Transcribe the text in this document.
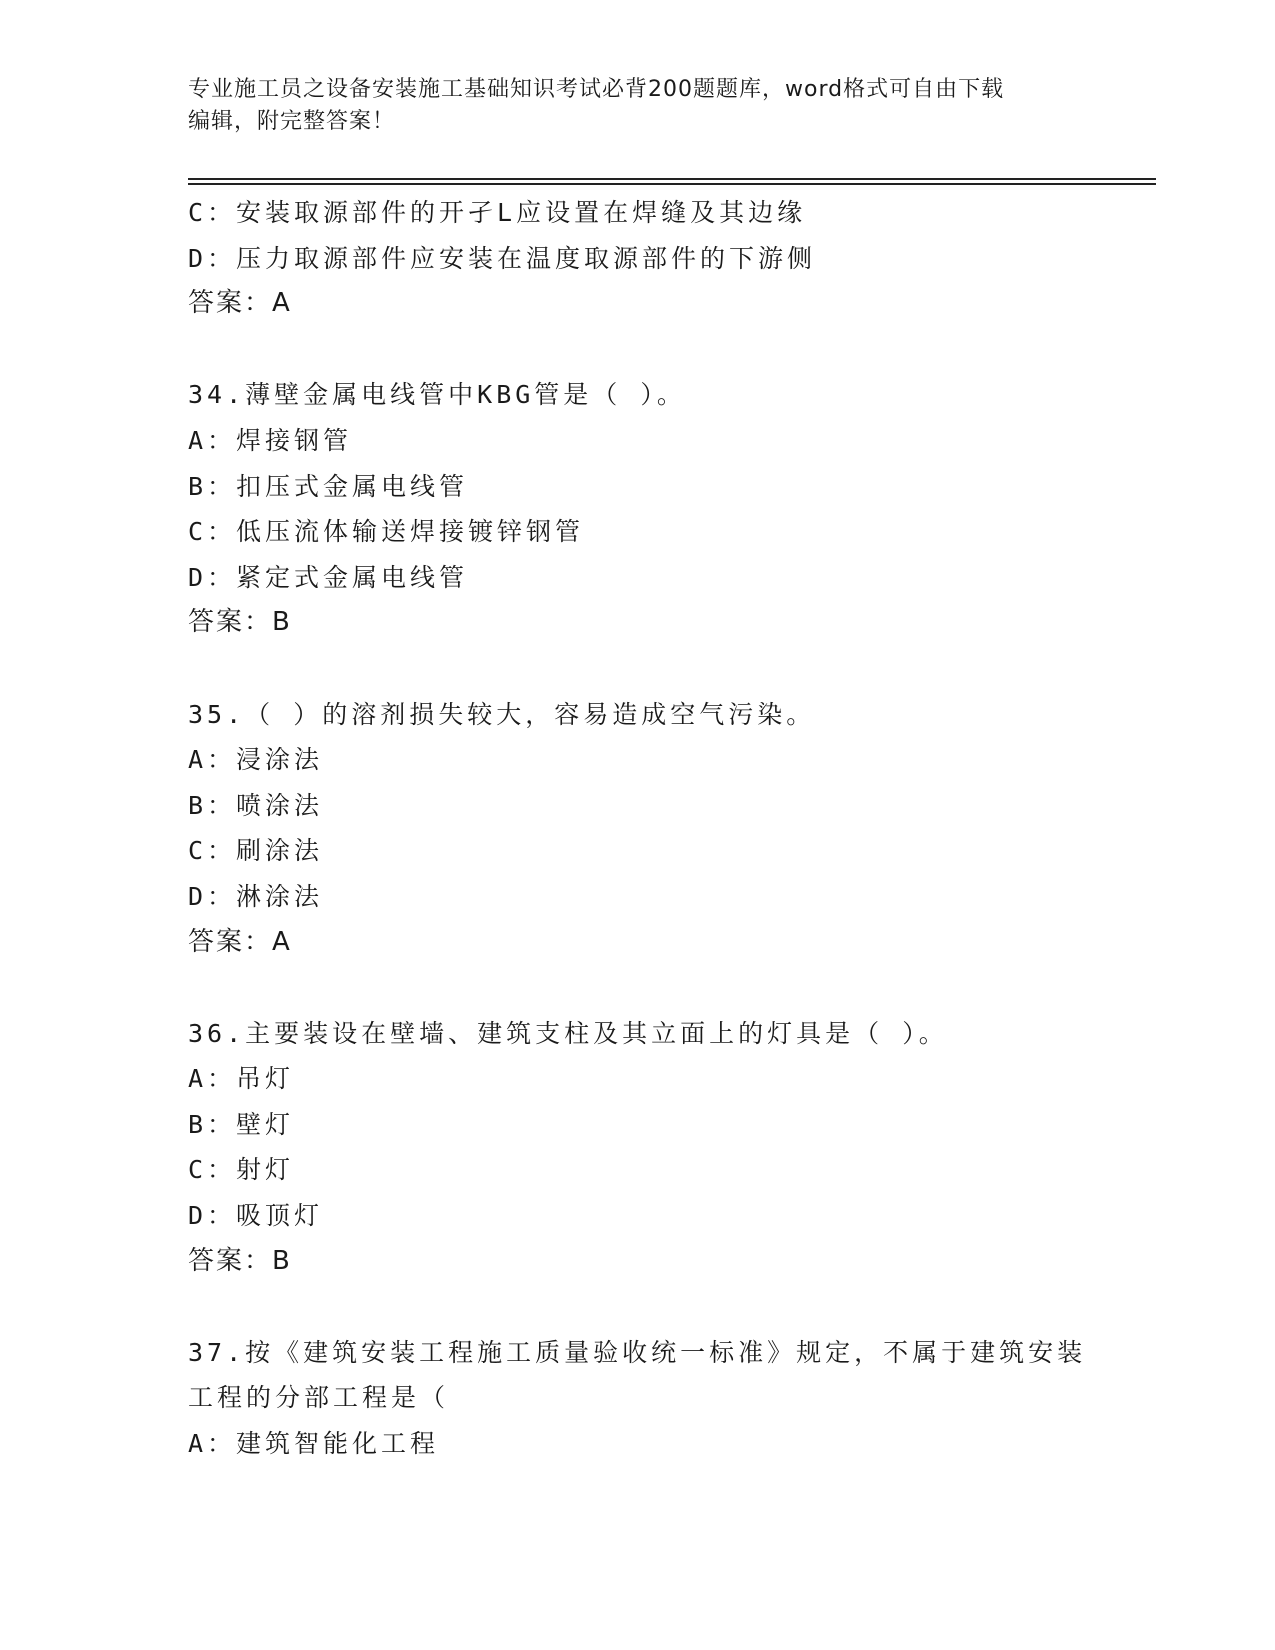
专业施工员之设备安装施工基础知识考试必背200题题库，word格式可自由下载
编辑，附完整答案！
C：安装取源部件的开孑L应设置在焊缝及其边缘
D：压力取源部件应安装在温度取源部件的下游侧
答案：A
34.薄壁金属电线管中KBG管是（ ）。
A：焊接钢管
B：扣压式金属电线管
C：低压流体输送焊接镀锌钢管
D：紧定式金属电线管
答案：B
35.（ ）的溶剂损失较大，容易造成空气污染。
A：浸涂法
B：喷涂法
C：刷涂法
D：淋涂法
答案：A
36.主要装设在壁墙、建筑支柱及其立面上的灯具是（ ）。
A：吊灯
B：壁灯
C：射灯
D：吸顶灯
答案：B
37.按《建筑安装工程施工质量验收统一标准》规定，不属于建筑安装
工程的分部工程是（
A：建筑智能化工程
